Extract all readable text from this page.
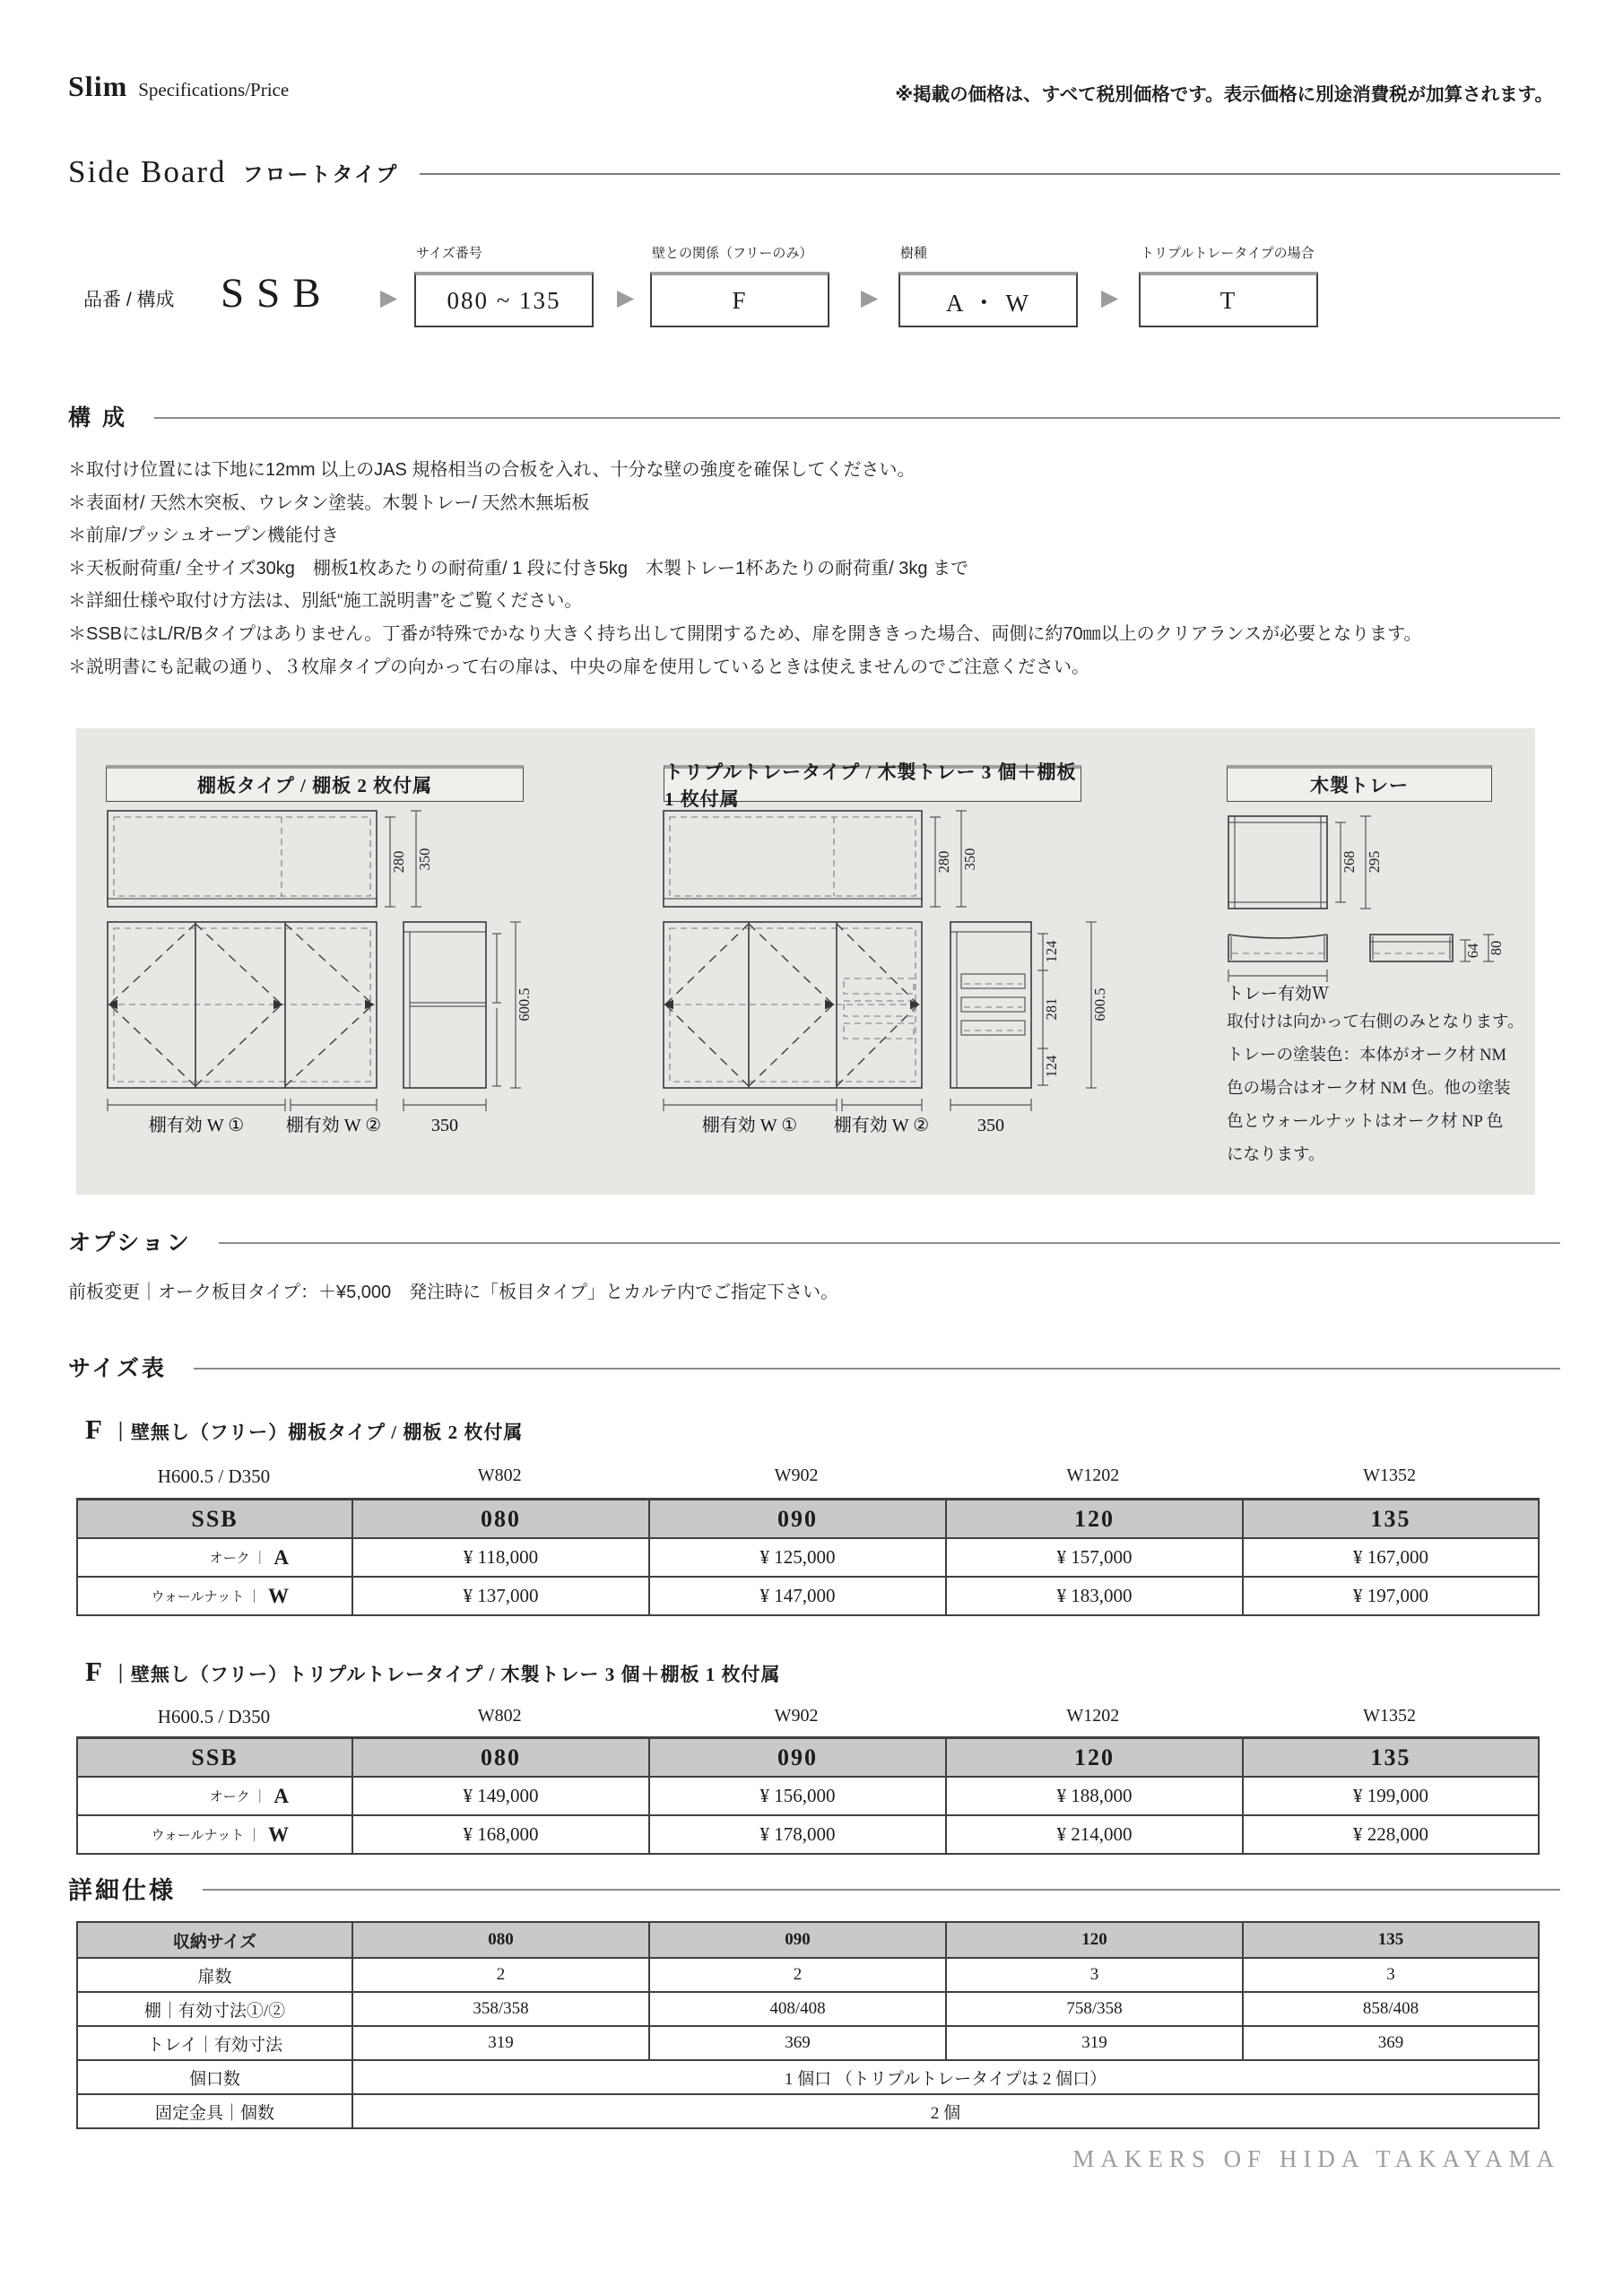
Slim Specifications/Price	※掲載の価格は、すべて税別価格です。表示価格に別途消費税が加算されます。
Side Board フロートタイプ
品番 / 構成 SSB ▶	▶	▶	▶
サイズ番号	壁との関係（フリーのみ）	樹種	トリプルトレータイプの場合
080 ~ 135	F	A ・ W	T
構 成
＊取付け位置には下地に12mm 以上のJAS 規格相当の合板を入れ、十分な壁の強度を確保してください。
＊表面材/ 天然木突板、ウレタン塗装。木製トレー/ 天然木無垢板
＊前扉/プッシュオープン機能付き
＊天板耐荷重/ 全サイズ30kg　棚板1枚あたりの耐荷重/ 1 段に付き5kg　木製トレー1杯あたりの耐荷重/ 3kg まで
＊詳細仕様や取付け方法は、別紙“施工説明書”をご覧ください。
＊SSBにはL/R/Bタイプはありません。丁番が特殊でかなり大きく持ち出して開閉するため、扉を開ききった場合、両側に約70㎜以上のクリアランスが必要となります。
＊説明書にも記載の通り、３枚扉タイプの向かって右の扉は、中央の扉を使用しているときは使えませんのでご注意ください。
棚板タイプ / 棚板 2 枚付属
トリプルトレータイプ / 木製トレー 3 個＋棚板 1 枚付属
木製トレー
280 350
棚有効 W ① 棚有効 W ②
600.5
350
280 350
棚有効 W ① 棚有効 W ②
124
281
124
600.5
350
268 295
64 80
トレー有効Ｗ
取付けは向かって右側のみとなります。
トレーの塗装色：本体がオーク材 NM
色の場合はオーク材 NM 色。他の塗装
色とウォールナットはオーク材 NP 色
になります。
オプション
前板変更｜オーク板目タイプ：＋¥5,000　発注時に「板目タイプ」とカルテ内でご指定下さい。
サイズ表
F ｜壁無し（フリー）棚板タイプ / 棚板 2 枚付属
H600.5 / D350	W802	W902	W1202	W1352
SSB	080	090	120	135

オーク ｜ A	¥ 118,000	¥ 125,000	¥ 157,000	¥ 167,000

ウォールナット ｜ W	¥ 137,000	¥ 147,000	¥ 183,000	¥ 197,000
F ｜壁無し（フリー）トリプルトレータイプ / 木製トレー 3 個＋棚板 1 枚付属
H600.5 / D350	W802	W902	W1202	W1352
SSB	080	090	120	135

オーク ｜ A	¥ 149,000	¥ 156,000	¥ 188,000	¥ 199,000

ウォールナット ｜ W	¥ 168,000	¥ 178,000	¥ 214,000	¥ 228,000
詳細仕様
収納サイズ	080	090	120	135
扉数	2	2	3	3
棚｜有効寸法①/②	358/358	408/408	758/358	858/408
トレイ｜有効寸法	319	369	319	369
個口数	1 個口 （トリプルトレータイプは 2 個口）			
固定金具｜個数	2 個			
MAKERS OF HIDA TAKAYAMA
